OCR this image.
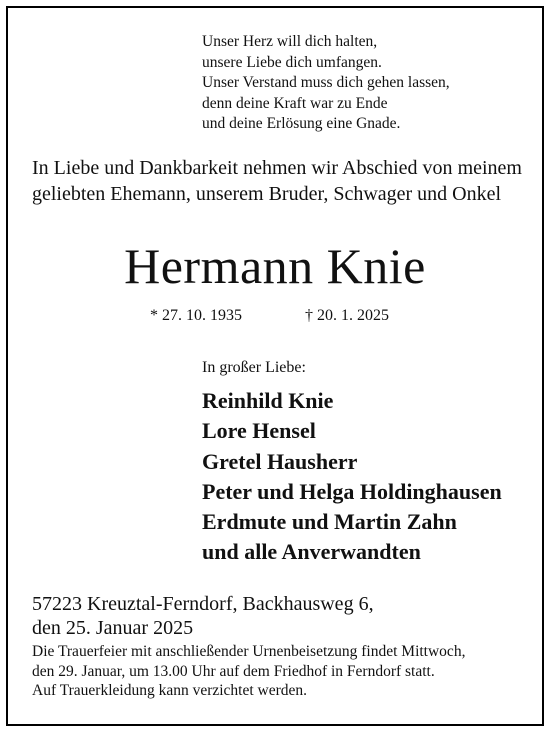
Unser Herz will dich halten,
unsere Liebe dich umfangen.
Unser Verstand muss dich gehen lassen,
denn deine Kraft war zu Ende
und deine Erlösung eine Gnade.
In Liebe und Dankbarkeit nehmen wir Abschied von meinem geliebten Ehemann, unserem Bruder, Schwager und Onkel
Hermann Knie
* 27. 10. 1935	† 20. 1. 2025
In großer Liebe:
Reinhild Knie
Lore Hensel
Gretel Hausherr
Peter und Helga Holdinghausen
Erdmute und Martin Zahn
und alle Anverwandten
57223 Kreuztal-Ferndorf, Backhausweg 6,
den 25. Januar 2025
Die Trauerfeier mit anschließender Urnenbeisetzung findet Mittwoch,
den 29. Januar, um 13.00 Uhr auf dem Friedhof in Ferndorf statt.
Auf Trauerkleidung kann verzichtet werden.
